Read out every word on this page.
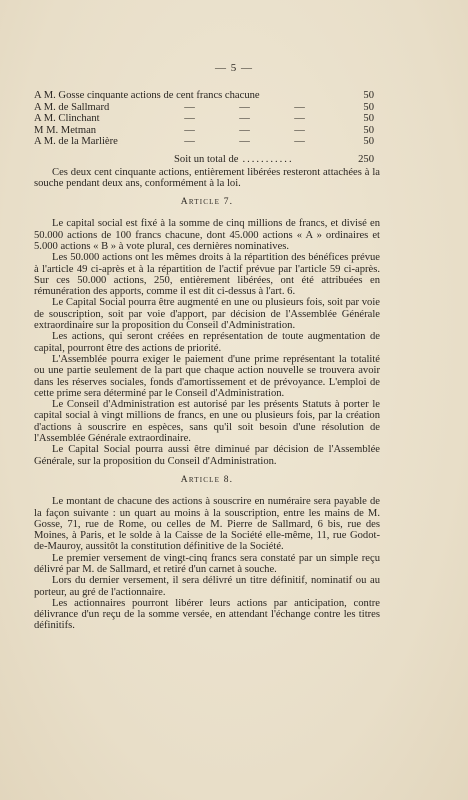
— 5 —
A M. Gosse cinquante actions de cent francs chacune	50
A M. de Sallmard	—	—	—	50
A M. Clinchant	—	—	—	50
M M. Metman	—	—	—	50
A M. de la Marlière	—	—	—	50
Soit un total de ...........	250

Ces deux cent cinquante actions, entièrement libérées resteront attachées à la souche pendant deux ans, conformément à la loi.

Article 7.

Le capital social est fixé à la somme de cinq millions de francs, et divisé en 50.000 actions de 100 francs chacune, dont 45.000 actions « A » ordinaires et 5.000 actions « B » à vote plural, ces dernières nominatives.

Les 50.000 actions ont les mêmes droits à la répartition des bénéfices prévue à l'article 49 ci-après et à la répartition de l'actif prévue par l'article 59 ci-après. Sur ces 50.000 actions, 250, entièrement libérées, ont été attribuées en rémunération des apports, comme il est dit ci-dessus à l'art. 6.

Le Capital Social pourra être augmenté en une ou plusieurs fois, soit par voie de souscription, soit par voie d'apport, par décision de l'Assemblée Générale extraordinaire sur la proposition du Conseil d'Administration.

Les actions, qui seront créées en représentation de toute augmentation de capital, pourront être des actions de priorité.

L'Assemblée pourra exiger le paiement d'une prime représentant la totalité ou une partie seulement de la part que chaque action nouvelle se trouvera avoir dans les réserves sociales, fonds d'amortissement et de prévoyance. L'emploi de cette prime sera déterminé par le Conseil d'Administration.

Le Conseil d'Administration est autorisé par les présents Statuts à porter le capital social à vingt millions de francs, en une ou plusieurs fois, par la création d'actions à souscrire en espèces, sans qu'il soit besoin d'une résolution de l'Assemblée Générale extraordinaire.

Le Capital Social pourra aussi être diminué par décision de l'Assemblée Générale, sur la proposition du Conseil d'Administration.

Article 8.

Le montant de chacune des actions à souscrire en numéraire sera payable de la façon suivante : un quart au moins à la souscription, entre les mains de M. Gosse, 71, rue de Rome, ou celles de M. Pierre de Sallmard, 6 bis, rue des Moines, à Paris, et le solde à la Caisse de la Société elle-même, 11, rue Godot-de-Mauroy, aussitôt la constitution définitive de la Société.

Le premier versement de vingt-cinq francs sera constaté par un simple reçu délivré par M. de Sallmard, et retiré d'un carnet à souche.

Lors du dernier versement, il sera délivré un titre définitif, nominatif ou au porteur, au gré de l'actionnaire.

Les actionnaires pourront libérer leurs actions par anticipation, contre délivrance d'un reçu de la somme versée, en attendant l'échange contre les titres définitifs.
